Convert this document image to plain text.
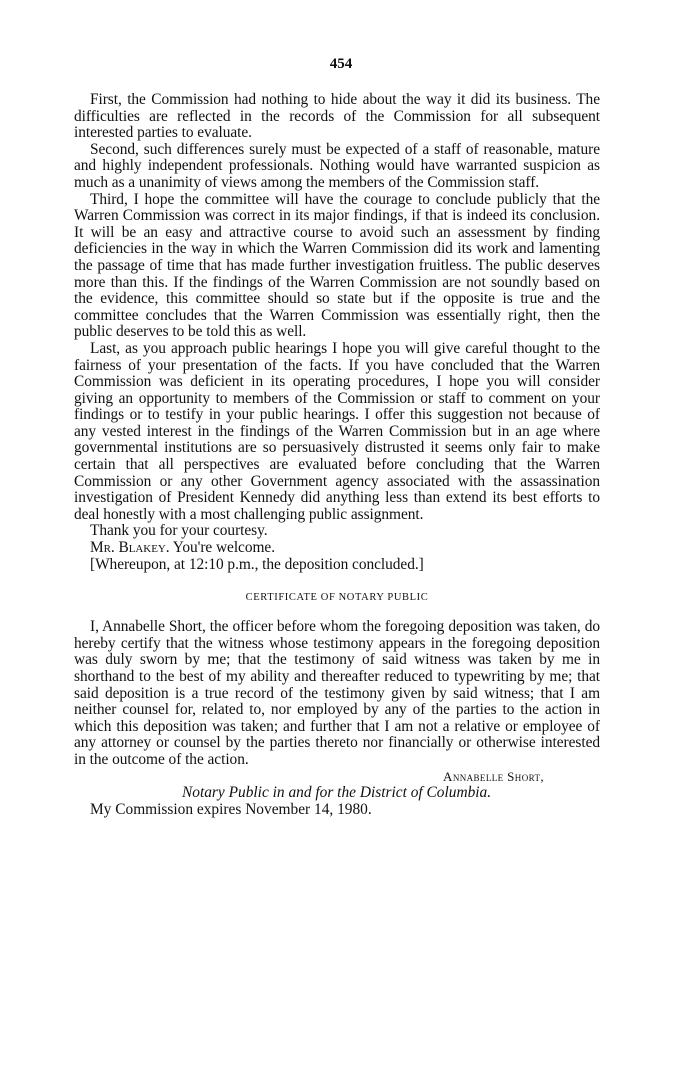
454

First, the Commission had nothing to hide about the way it did its business. The difficulties are reflected in the records of the Commission for all subsequent interested parties to evaluate.

Second, such differences surely must be expected of a staff of reasonable, mature and highly independent professionals. Nothing would have warranted suspicion as much as a unanimity of views among the members of the Commission staff.

Third, I hope the committee will have the courage to conclude publicly that the Warren Commission was correct in its major findings, if that is indeed its conclusion. It will be an easy and attractive course to avoid such an assessment by finding deficiencies in the way in which the Warren Commission did its work and lamenting the passage of time that has made further investigation fruitless. The public deserves more than this. If the findings of the Warren Commission are not soundly based on the evidence, this committee should so state but if the opposite is true and the committee concludes that the Warren Commission was essentially right, then the public deserves to be told this as well.

Last, as you approach public hearings I hope you will give careful thought to the fairness of your presentation of the facts. If you have concluded that the Warren Commission was deficient in its operating procedures, I hope you will consider giving an opportunity to members of the Commission or staff to comment on your findings or to testify in your public hearings. I offer this suggestion not because of any vested interest in the findings of the Warren Commission but in an age where governmental institutions are so persuasively distrusted it seems only fair to make certain that all perspectives are evaluated before concluding that the Warren Commission or any other Government agency associated with the assassination investigation of President Kennedy did anything less than extend its best efforts to deal honestly with a most challenging public assignment.

Thank you for your courtesy.

Mr. Blakey. You're welcome.

[Whereupon, at 12:10 p.m., the deposition concluded.]

CERTIFICATE OF NOTARY PUBLIC

I, Annabelle Short, the officer before whom the foregoing deposition was taken, do hereby certify that the witness whose testimony appears in the foregoing deposition was duly sworn by me; that the testimony of said witness was taken by me in shorthand to the best of my ability and thereafter reduced to typewriting by me; that said deposition is a true record of the testimony given by said witness; that I am neither counsel for, related to, nor employed by any of the parties to the action in which this deposition was taken; and further that I am not a relative or employee of any attorney or counsel by the parties thereto nor financially or otherwise interested in the outcome of the action.

Annabelle Short,

Notary Public in and for the District of Columbia.

My Commission expires November 14, 1980.
